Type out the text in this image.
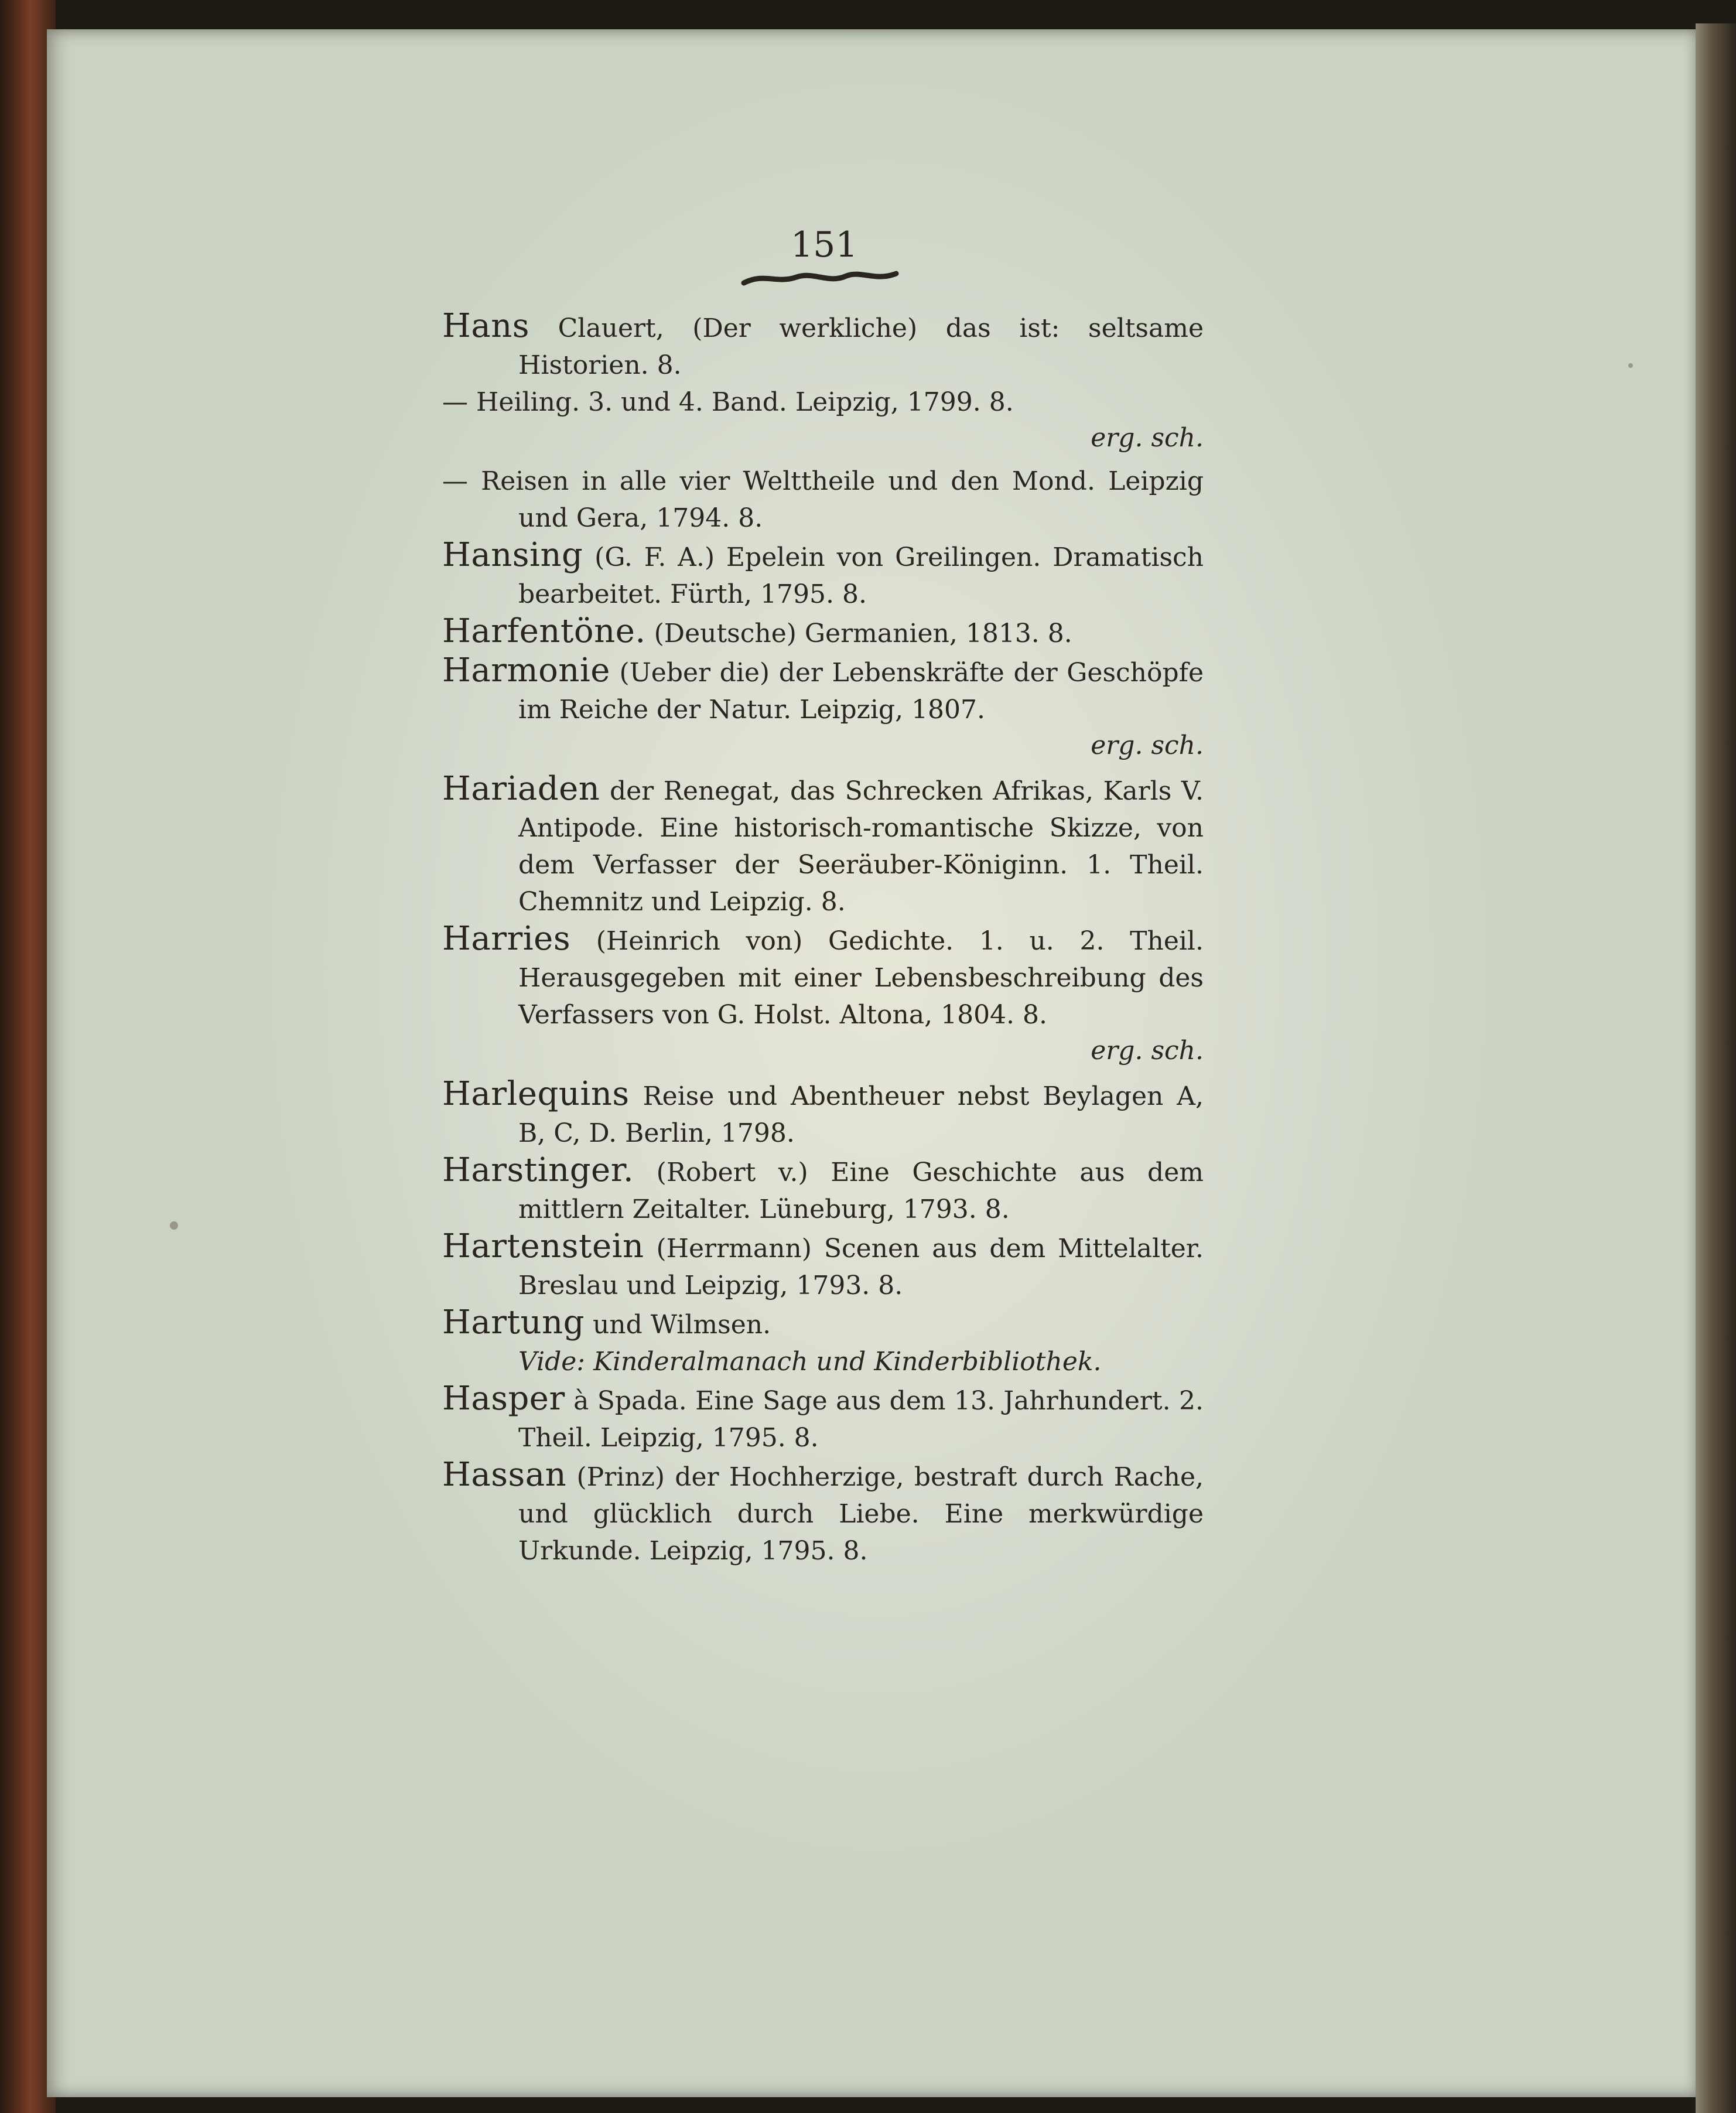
151

Hans Clauert, (Der werkliche) das ist: seltsame Historien. 8.

— Heiling. 3. und 4. Band. Leipzig, 1799. 8.
erg. sch.

— Reisen in alle vier Welttheile und den Mond. Leipzig und Gera, 1794. 8.

Hansing (G. F. A.) Epelein von Greilingen. Dramatisch bearbeitet. Fürth, 1795. 8.

Harfentöne. (Deutsche) Germanien, 1813. 8.

Harmonie (Ueber die) der Lebenskräfte der Geschöpfe im Reiche der Natur. Leipzig, 1807.
erg. sch.

Hariaden der Renegat, das Schrecken Afrikas, Karls V. Antipode. Eine historisch-romantische Skizze, von dem Verfasser der Seeräuber-Königinn. 1. Theil. Chemnitz und Leipzig. 8.

Harries (Heinrich von) Gedichte. 1. u. 2. Theil. Herausgegeben mit einer Lebensbeschreibung des Verfassers von G. Holst. Altona, 1804. 8.
erg. sch.

Harlequins Reise und Abentheuer nebst Beylagen A, B, C, D. Berlin, 1798.

Harstinger. (Robert v.) Eine Geschichte aus dem mittlern Zeitalter. Lüneburg, 1793. 8.

Hartenstein (Herrmann) Scenen aus dem Mittelalter. Breslau und Leipzig, 1793. 8.

Hartung und Wilmsen.
Vide: Kinderalmanach und Kinderbibliothek.

Hasper à Spada. Eine Sage aus dem 13. Jahrhundert. 2. Theil. Leipzig, 1795. 8.

Hassan (Prinz) der Hochherzige, bestraft durch Rache, und glücklich durch Liebe. Eine merkwürdige Urkunde. Leipzig, 1795. 8.
